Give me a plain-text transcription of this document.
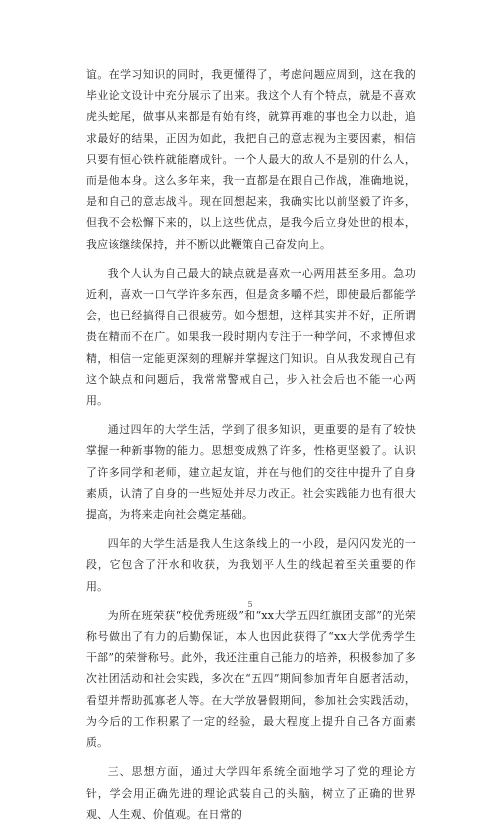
谊。在学习知识的同时，我更懂得了，考虑问题应周到，这在我的毕业论文设计中充分展示了出来。我这个人有个特点，就是不喜欢虎头蛇尾，做事从来都是有始有终，就算再难的事也全力以赴，追求最好的结果，正因为如此，我把自己的意志视为主要因素，相信只要有恒心铁杵就能磨成针。一个人最大的敌人不是别的什么人，而是他本身。这么多年来，我一直都是在跟自己作战，准确地说，是和自己的意志战斗。现在回想起来，我确实比以前坚毅了许多，但我不会松懈下来的，以上这些优点，是我今后立身处世的根本，我应该继续保持，并不断以此鞭策自己奋发向上。

我个人认为自己最大的缺点就是喜欢一心两用甚至多用。急功近利，喜欢一口气学许多东西，但是贪多嚼不烂，即使最后都能学会，也已经搞得自己很疲劳。如今想想，这样其实并不好，正所谓贵在精而不在广。如果我一段时期内专注于一种学问，不求博但求精，相信一定能更深刻的理解并掌握这门知识。自从我发现自己有这个缺点和问题后，我常常警戒自己，步入社会后也不能一心两用。

通过四年的大学生活，学到了很多知识，更重要的是有了较快掌握一种新事物的能力。思想变成熟了许多，性格更坚毅了。认识了许多同学和老师，建立起友谊，并在与他们的交往中提升了自身素质，认清了自身的一些短处并尽力改正。社会实践能力也有很大提高，为将来走向社会奠定基础。

四年的大学生活是我人生这条线上的一小段，是闪闪发光的一段，它包含了汗水和收获，为我划平人生的线起着至关重要的作用。

为所在班荣获“校优秀班级”和“xx大学五四红旗团支部”的光荣称号做出了有力的后勤保证，本人也因此获得了“xx大学优秀学生干部”的荣誉称号。此外，我还注重自己能力的培养，积极参加了多次社团活动和社会实践，多次在“五四”期间参加青年自愿者活动，看望并帮助孤寡老人等。在大学放暑假期间，参加社会实践活动，为今后的工作积累了一定的经验，最大程度上提升自己各方面素质。

三、思想方面，通过大学四年系统全面地学习了党的理论方针，学会用正确先进的理论武装自己的头脑，树立了正确的世界观、人生观、价值观。在日常的

5
